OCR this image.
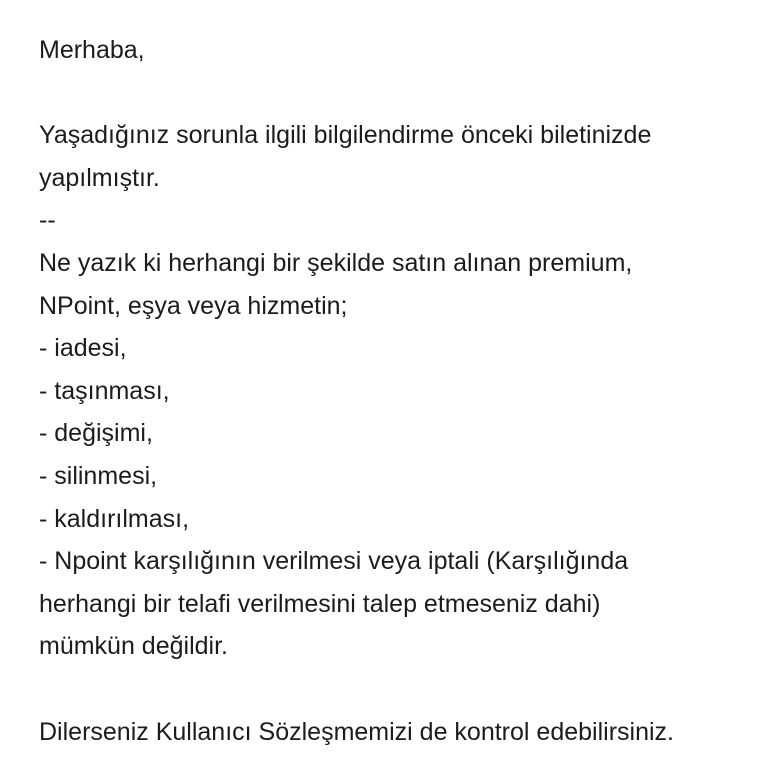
Merhaba,
Yaşadığınız sorunla ilgili bilgilendirme önceki biletinizde
yapılmıştır.
--
Ne yazık ki herhangi bir şekilde satın alınan premium,
NPoint, eşya veya hizmetin;
- iadesi,
- taşınması,
- değişimi,
- silinmesi,
- kaldırılması,
- Npoint karşılığının verilmesi veya iptali (Karşılığında
herhangi bir telafi verilmesini talep etmeseniz dahi)
mümkün değildir.
Dilerseniz Kullanıcı Sözleşmemizi de kontrol edebilirsiniz.
